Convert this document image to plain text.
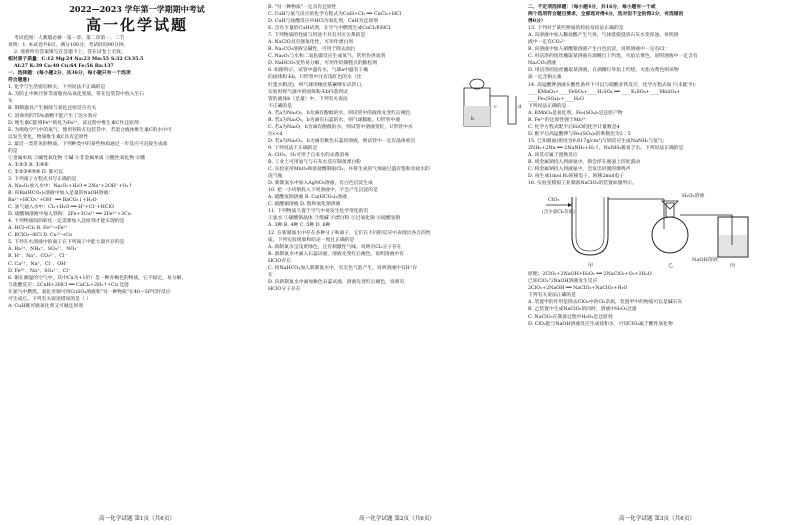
2022—2023 学年第一学期期中考试
高一化学试题
考试范围：人教版必修一第一章、第二章第一、二节
说明：1. 本试卷共6页，满分100分，考试时间90分钟。
2. 请将所有答案填写在答题卡上，答在试卷上无效。
相对原子质量：C:12 Mg:24 Na:23 Mn:55 S:32 Cl:35.5
Al:27 K:39 Ca:40 Cu:64 Fe:56 Ba:137
一、选择题：(每小题2分，共36分，每小题只有一个选项
符合题意)
1. 化学与生活密切相关，下列说法不正确的是
A. 为防止中秋月饼等富脂食品氧化变质，常在包装袋中放入生石
灰
B. 钢制器具产生铜绿与氧化还原反应有关
C. 消毒用的75%酒精不能产生丁达尔效应
D. 维生素C能将Fe³⁺转化为Fe²⁺，该过程中维生素C作还原剂
E. 为吸收空气中的氧气，使用铁粉在包装袋中，若混合液体维生素C的水中可
以发生变化，物质维生素C具有还原性
2. 最近一类常见的物质，下列种类中的某些物质通过一步反应可直接生成盐
的是
①金属单质 ②碱性氧化物 ③碱 ④非金属单质 ⑤酸性氧化物 ⑥酸
A. ①②③ B. ①④⑥
C. ①②③④⑤⑥ D. 都可以
3. 下列离子方程式书写正确的是
A. Na₂O₂放入水中：Na₂O₂+H₂O ═ 2Na⁺+2OH⁻+O₂↑
B. 向Ba(HCO₃)₂溶液中加入足量的NaOH溶液：
Ba²⁺+HCO₃⁻+OH⁻ ══ BaCO₃↓+H₂O
C. 氯气通入水中：Cl₂+H₂O ══ H⁺+Cl⁻+HClO
D. 硫酸铜溶液中加入铁粉：2Fe+3Cu²⁺ ══ 2Fe³⁺+3Cu
4. 下列物质间的转化一定需要加入还原剂才能实现的是
A. HCl→Cl₂ B. Fe³⁺→Fe²⁺
C. KClO₃→KCl D. Cu²⁺→Cu
5. 下列在水溶液中的离子在下列离子中能大量共存的是
A. Ba²⁺、NH₄⁺、SO₄²⁻、NO₃⁻
B. H⁺、Na⁺、CO₃²⁻、Cl⁻
C. Ca²⁺、Na⁺、Cl⁻、OH⁻
D. Fe³⁺、Na⁺、SO₄²⁻、Cl⁻
6. 铜在潮湿的空气中，其中Cu为+1价）是一种赤褐色的物质，它不稳定，易分解，
与盐酸反应：2CuH+2HCl ══ CuCl₂+2H₂↑+Cu 还能
在氯气中燃烧。氧化亚铜可用CuSO₄溶液和"另一种物质"在40～50℃时反应
可生成它。下列有关叙述错误的是（ ）
A. CuH既可做氧化剂又可做还原剂
高一化学试题 第1页（共6页）
B. "另一种物质"一定具有还原性
C. CuH与氯气反应的化学方程式为CuH+Cl₂ ══ CuCl₂+HCl
D. CuH与盐酸反应中HCl为氧化剂，CuH为还原剂
E. 含有少量的CuH试剂，在空气中燃烧生成CuCl₂和HCl
7. 下列物质的性质与用途不具有对应关系的是
A. NaClO具有强氧化性，可用作漂白剂
B. Na₂CO₃溶液呈碱性，可用于除去油污
C. Na₂O₂与水和二氧化碳反应生成氧气，常用作供氧剂
D. NaHCO₃受热易分解，可用作焙制糕点的膨松剂
8. 如图所示，试管中盛有水，气球a中盛有干燥
的固体粉末b，U形管中注有浅红色的水（比
红墨水稍淡)，将气球用橡皮筋紧缚在试管口，
实验时将气球中的固体粉末b抖落到试
管的液体b（足量）中，下列有关说法
不正确的是
A. 若a为Na₂O₂，b为滴有酚酞的水，则试管中的液体先变红后褪色
B. 若a为Na₂O₂，b为滴有石蕊的水，则气球膨胀，U形管中液
C. 若a为Na₂O，b为滴有酚酞的水，则试管中溶液变红，U形管中水
位c<d
D. 若a为Na₂O₂，b为滴有紫色石蕊的溶液，则试管中一定有晶体析出
9. 下列说法不正确的是
A. ClO₂、O₃可用于自来水的杀菌消毒
B. 工业上可用氯气与石灰水反应制备漂白粉
C. 实验室用MnO₂和浓盐酸制取Cl₂，并将生成的气体通过盛有饱和食盐水的
洗气瓶
D. 新制氯水中加入AgNO₃溶液，有白色沉淀生成
10. 把一小块钠投入下列溶液中，不会产生沉淀的是
A. 硫酸氢钠溶液 B. Ca(HCO₃)₂溶液
C. 硫酸铜溶液 D. 饱和氯化钠溶液
11. 下列物质久置于空气中易发生化学变化的有
①氯水 ②碳酸钠晶体 ③烧碱 ④漂白粉 ⑤过氧化钠 ⑥硫酸氢钠
A. 3种 B. 4种 C. 5种 D. 6种
12. 在新制氯水中存在多种分子和离子，它们在不同的反应中表现出各自的性
质。下列实验现象和结论一致且正确的是
A. 新制氯水呈浅黄绿色，且有刺激性气味，说明有Cl₂分子存在
B. 新制氯水中滴入石蕊试液，溶液先变红后褪色，说明溶液中有
HClO存在
C. 将NaHCO₃加入新制氯水中，有无色气泡产生，说明溶液中有H⁺存
在
D. 向新制氯水中滴加紫色石蕊试液，溶液先变红后褪色，说明有
HClO分子存在
b
c	d
高一化学试题 第2页（共6页）
二、不定项选择题：（每小题4分，共16分，每小题有一个或
两个选项符合题目要求，全部选对得4分，选对但不全的得2分，有选错的
得0分）
13. 下列对于某些物质的检验及结论正确的是
A. 向溶液中加入稀盐酸产生气体，气体能使澄清石灰水变浑浊，说明溶
液中一定有CO₃²⁻
B. 向溶液中加入硝酸银溶液产生白色沉淀，说明溶液中一定有Cl⁻
C. 用洁净的铂丝蘸取某溶液在酒精灯上灼烧，火焰呈黄色，说明溶液中一定含有
Na₂CO₃溶液
D. 用洁净的铂丝蘸取某溶液，在酒精灯外焰上灼烧，火焰为黄色则该物
质一定含钠元素
14. 高锰酸钾溶液在酸性条件下可以与硫酸亚铁反应，化学方程式如下(未配平)：
____KMnO₄+____FeSO₄+____H₂SO₄ ══ ____K₂SO₄+____MnSO₄+
____Fe₂(SO₄)₃+____H₂O
下列说法正确的是
A. KMnO₄是氧化剂，Fe₂(SO₄)₃是还原产物
B. Fe²⁺的还原性强于Mn²⁺
C. 化学方程式配平后H₂O的化学计量数是4
D. 配平后高锰酸钾与Fe₂(SO₄)₃的系数比为2∶5
15. 已知液氨(密度为0.617g/cm³)与钠反应生成NaNH₂与氢气：
2NH₃+2Na ══ 2NaNH₂+H₂↑，NaNH₂极易于水。下列说法正确的是
A. 该反应属于置换反应
B. 将金属钠投入到液氨中，钠会浮在液面上四处游动
C. 将金属钠投入到液氨中，会发出轻微的爆鸣声
D. 每生成1mol H₂转移电子，转移2mol电子
16. 实验室模拟工业制备NaClO₂的装置如图所示。
H₂O₂溶液
ClO₂
(含少量Cl₂杂质)
NaOH溶液
甲	乙	丙
原理：2ClO₂+2NaOH+H₂O₂ ══ 2NaClO₂+O₂+2H₂O
已知ClO₂与NaOH溶液发生反应
2ClO₂+2NaOH ══ NaClO₂+NaClO₃+H₂O
下列有关说法正确的是
A. 装置甲的作用是除去ClO₂中的Cl₂杂质，装置甲中的物质可以是碱石灰
B. 乙装置中生成NaClO₂的同时，溶液中H₂O₂过量
C. NaClO₂在制备过程中H₂O₂是还原剂
D. ClO₂能与NaOH溶液反应生成盐和水，可知ClO₂属于酸性氧化物
高一化学试题 第3页（共6页）
